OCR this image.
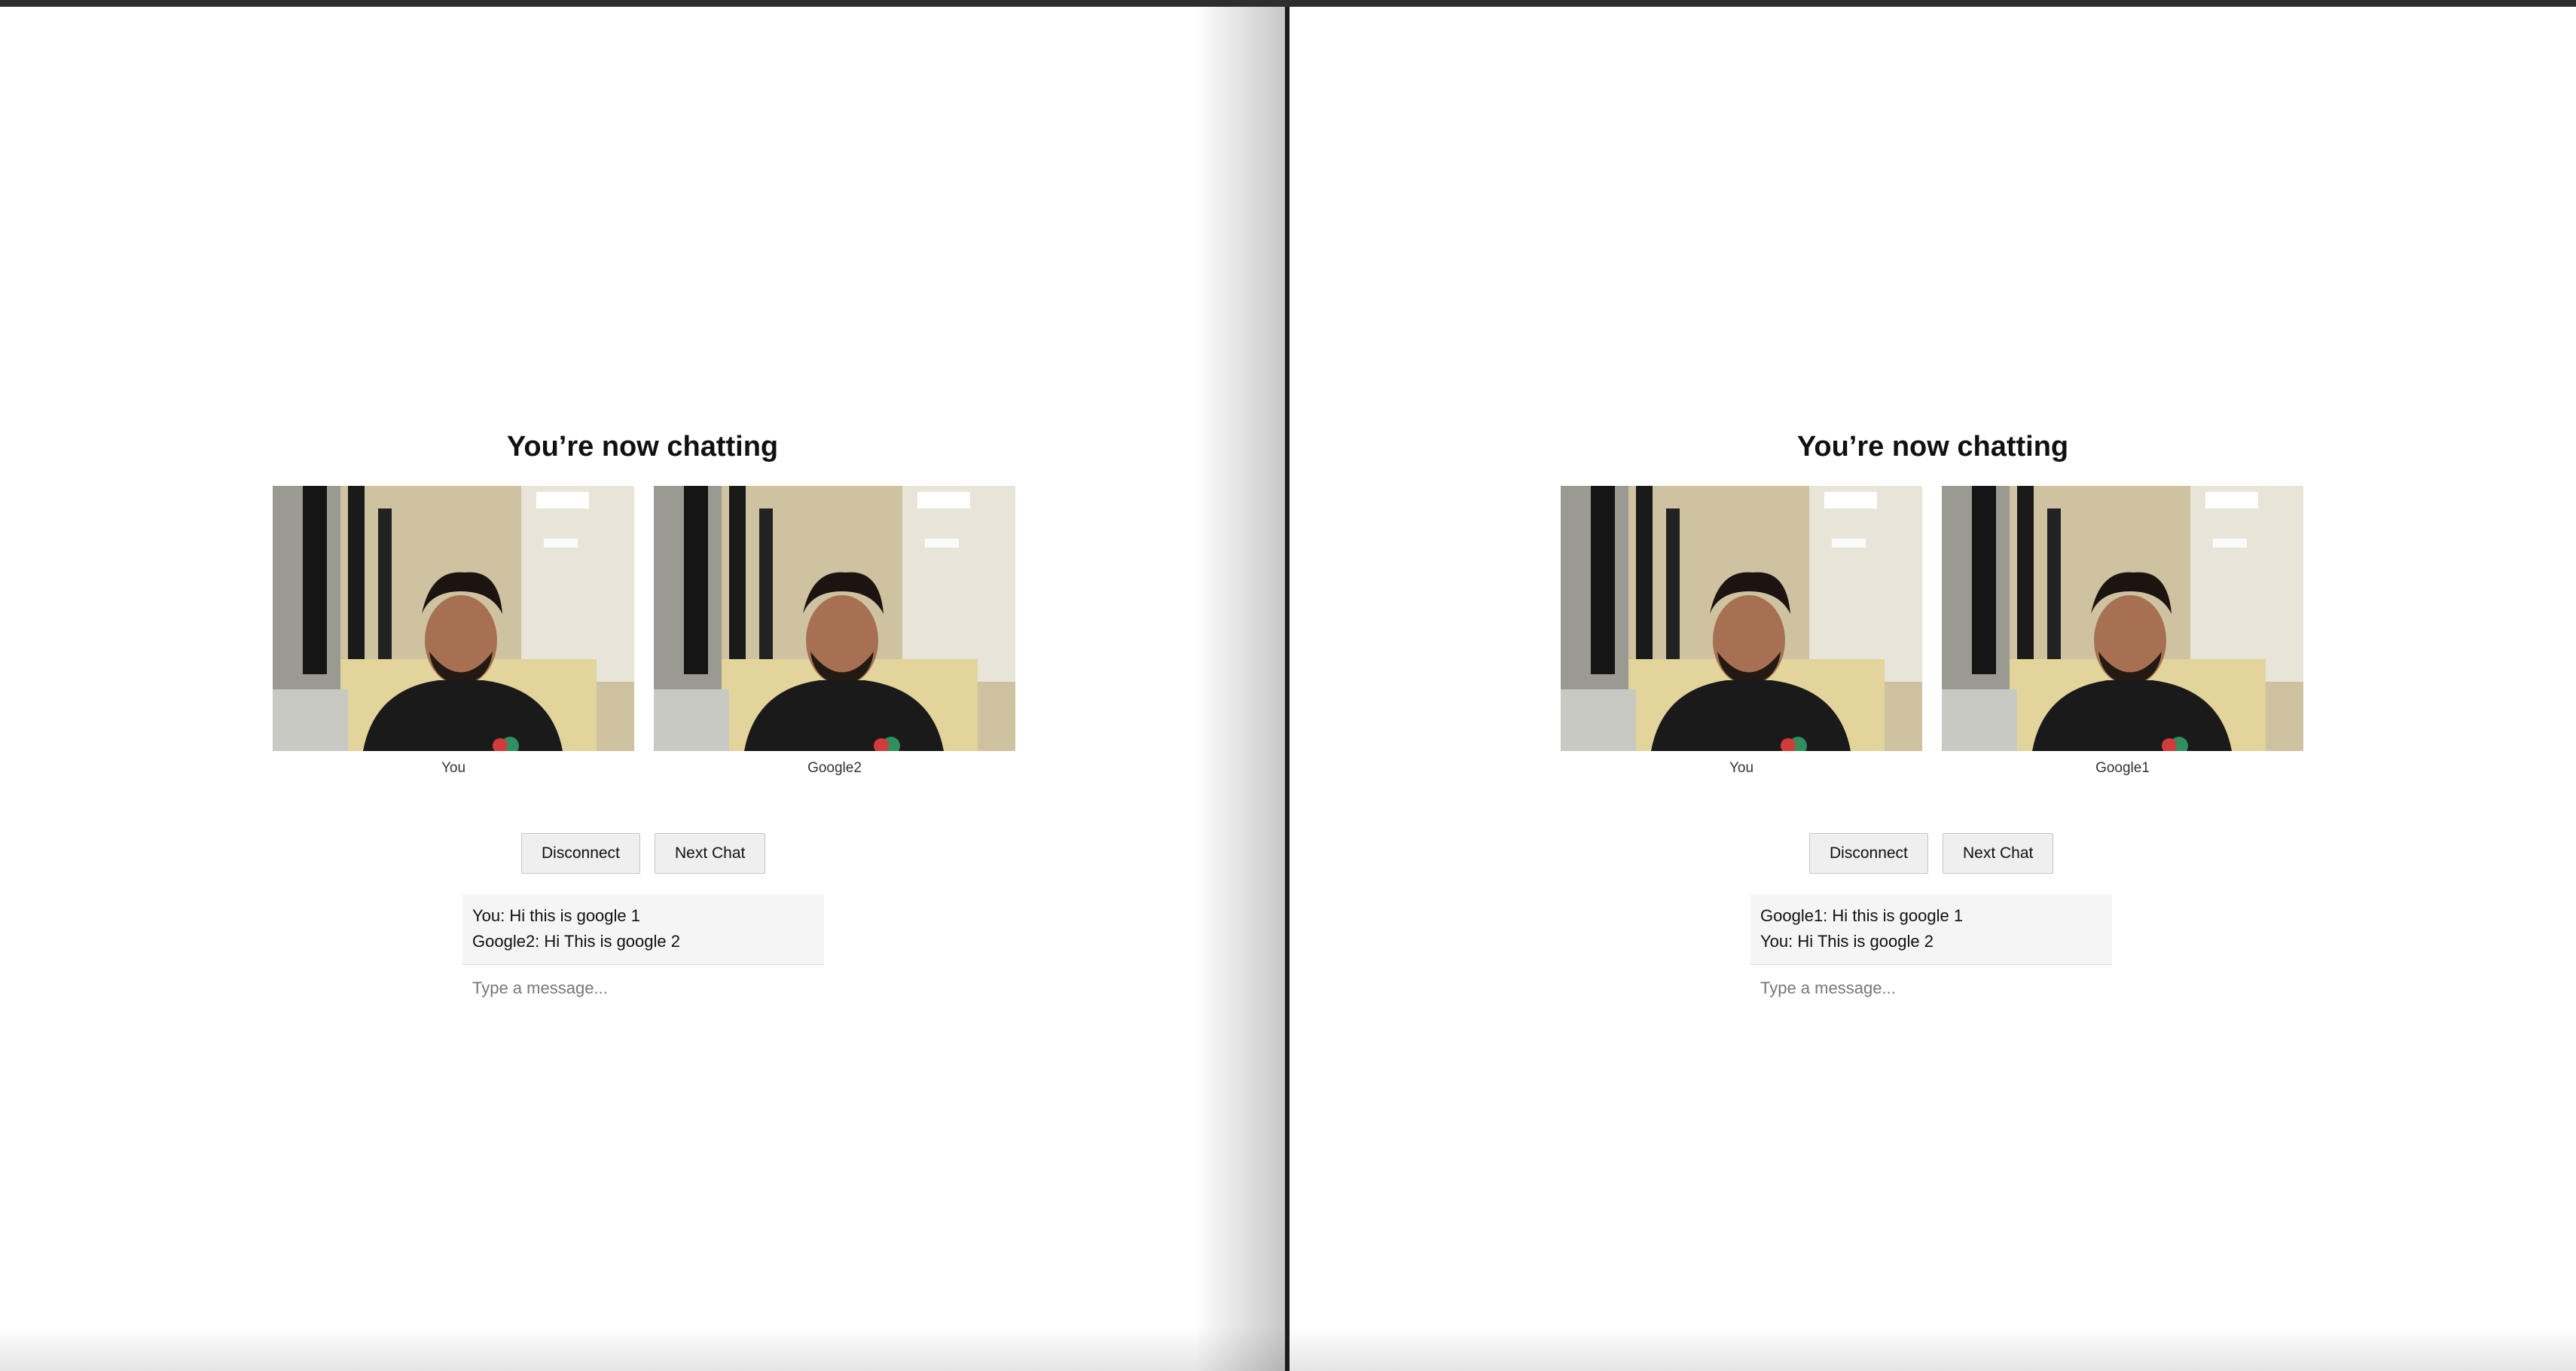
You’re now chatting
You	Google2
Disconnect	Next Chat
You: Hi this is google 1
Google2: Hi This is google 2
Type a message...
You’re now chatting
You	Google1
Disconnect	Next Chat
Google1: Hi this is google 1
You: Hi This is google 2
Type a message...
